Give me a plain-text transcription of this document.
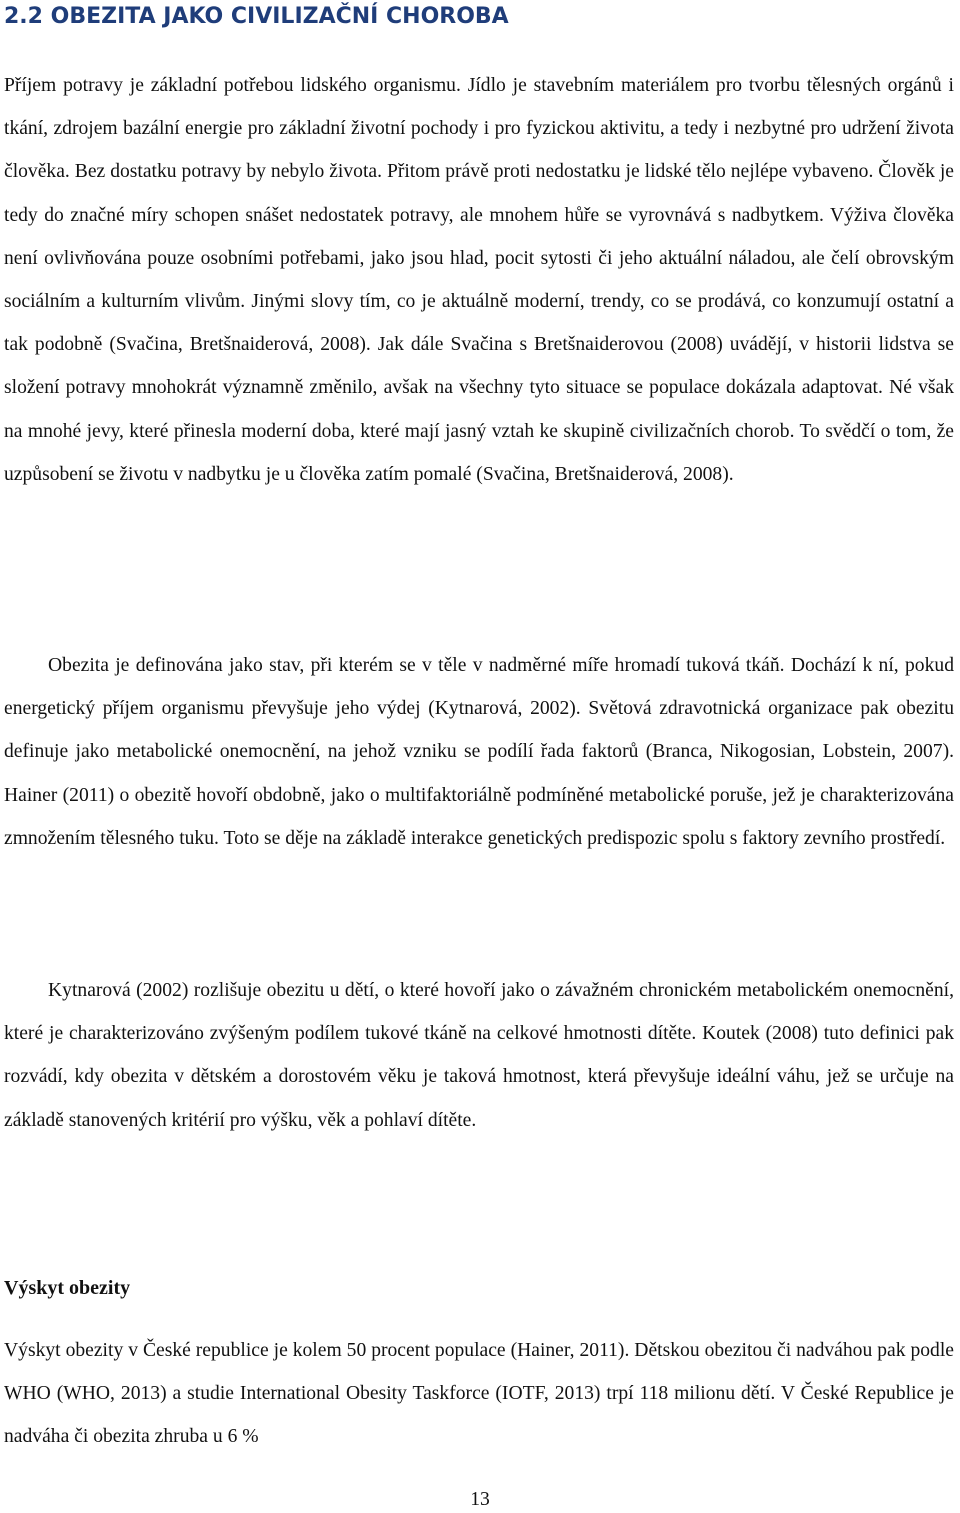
2.2 OBEZITA JAKO CIVILIZAČNÍ CHOROBA

Příjem potravy je základní potřebou lidského organismu. Jídlo je stavebním materiálem pro tvorbu tělesných orgánů i tkání, zdrojem bazální energie pro základní životní pochody i pro fyzickou aktivitu, a tedy i nezbytné pro udržení života člověka. Bez dostatku potravy by nebylo života. Přitom právě proti nedostatku je lidské tělo nejlépe vybaveno. Člověk je tedy do značné míry schopen snášet nedostatek potravy, ale mnohem hůře se vyrovnává s nadbytkem. Výživa člověka není ovlivňována pouze osobními potřebami, jako jsou hlad, pocit sytosti či jeho aktuální náladou, ale čelí obrovským sociálním a kulturním vlivům. Jinými slovy tím, co je aktuálně moderní, trendy, co se prodává, co konzumují ostatní a tak podobně (Svačina, Bretšnaiderová, 2008). Jak dále Svačina s Bretšnaiderovou (2008) uvádějí, v historii lidstva se složení potravy mnohokrát významně změnilo, avšak na všechny tyto situace se populace dokázala adaptovat. Né však na mnohé jevy, které přinesla moderní doba, které mají jasný vztah ke skupině civilizačních chorob. To svědčí o tom, že uzpůsobení se životu v nadbytku je u člověka zatím pomalé (Svačina, Bretšnaiderová, 2008).

Obezita je definována jako stav, při kterém se v těle v nadměrné míře hromadí tuková tkáň. Dochází k ní, pokud energetický příjem organismu převyšuje jeho výdej (Kytnarová, 2002). Světová zdravotnická organizace pak obezitu definuje jako metabolické onemocnění, na jehož vzniku se podílí řada faktorů (Branca, Nikogosian, Lobstein, 2007). Hainer (2011) o obezitě hovoří obdobně, jako o multifaktoriálně podmíněné metabolické poruše, jež je charakterizována zmnožením tělesného tuku. Toto se děje na základě interakce genetických predispozic spolu s faktory zevního prostředí.

Kytnarová (2002) rozlišuje obezitu u dětí, o které hovoří jako o závažném chronickém metabolickém onemocnění, které je charakterizováno zvýšeným podílem tukové tkáně na celkové hmotnosti dítěte. Koutek (2008) tuto definici pak rozvádí, kdy obezita v dětském a dorostovém věku je taková hmotnost, která převyšuje ideální váhu, jež se určuje na základě stanovených kritérií pro výšku, věk a pohlaví dítěte.

Výskyt obezity

Výskyt obezity v České republice je kolem 50 procent populace (Hainer, 2011). Dětskou obezitou či nadváhou pak podle WHO (WHO, 2013) a studie International Obesity Taskforce (IOTF, 2013) trpí 118 milionu dětí. V České Republice je nadváha či obezita zhruba u 6 %

13
